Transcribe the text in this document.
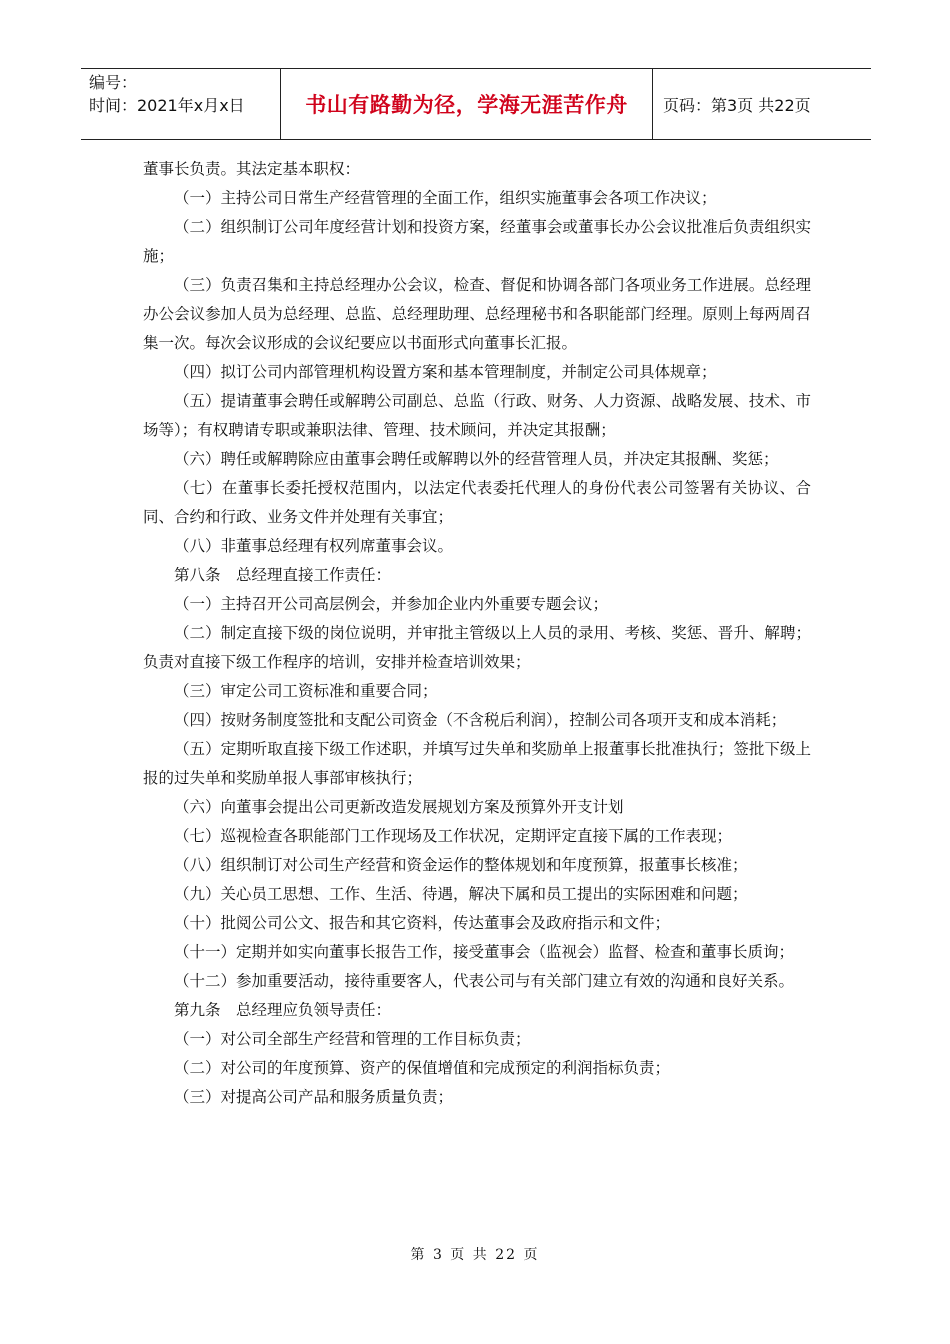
编号：
时间：2021年x月x日	书山有路勤为径，学海无涯苦作舟 页码：第3页 共22页

董事长负责。其法定基本职权：

（一）主持公司日常生产经营管理的全面工作，组织实施董事会各项工作决议；

（二）组织制订公司年度经营计划和投资方案，经董事会或董事长办公会议批准后负责组织实施；

（三）负责召集和主持总经理办公会议，检查、督促和协调各部门各项业务工作进展。总经理办公会议参加人员为总经理、总监、总经理助理、总经理秘书和各职能部门经理。原则上每两周召集一次。每次会议形成的会议纪要应以书面形式向董事长汇报。

（四）拟订公司内部管理机构设置方案和基本管理制度，并制定公司具体规章；

（五）提请董事会聘任或解聘公司副总、总监（行政、财务、人力资源、战略发展、技术、市场等）；有权聘请专职或兼职法律、管理、技术顾问，并决定其报酬；

（六）聘任或解聘除应由董事会聘任或解聘以外的经营管理人员，并决定其报酬、奖惩；

（七）在董事长委托授权范围内，以法定代表委托代理人的身份代表公司签署有关协议、合同、合约和行政、业务文件并处理有关事宜；

（八）非董事总经理有权列席董事会议。

第八条　总经理直接工作责任：

（一）主持召开公司高层例会，并参加企业内外重要专题会议；

（二）制定直接下级的岗位说明，并审批主管级以上人员的录用、考核、奖惩、晋升、解聘；负责对直接下级工作程序的培训，安排并检查培训效果；

（三）审定公司工资标准和重要合同；

（四）按财务制度签批和支配公司资金（不含税后利润），控制公司各项开支和成本消耗；

（五）定期听取直接下级工作述职，并填写过失单和奖励单上报董事长批准执行；签批下级上报的过失单和奖励单报人事部审核执行；

（六）向董事会提出公司更新改造发展规划方案及预算外开支计划

（七）巡视检查各职能部门工作现场及工作状况，定期评定直接下属的工作表现；

（八）组织制订对公司生产经营和资金运作的整体规划和年度预算，报董事长核准；

（九）关心员工思想、工作、生活、待遇，解决下属和员工提出的实际困难和问题；

（十）批阅公司公文、报告和其它资料，传达董事会及政府指示和文件；

（十一）定期并如实向董事长报告工作，接受董事会（监视会）监督、检查和董事长质询；

（十二）参加重要活动，接待重要客人，代表公司与有关部门建立有效的沟通和良好关系。

第九条　总经理应负领导责任：

（一）对公司全部生产经营和管理的工作目标负责；

（二）对公司的年度预算、资产的保值增值和完成预定的利润指标负责；

（三）对提高公司产品和服务质量负责；

第 3 页 共 22 页
